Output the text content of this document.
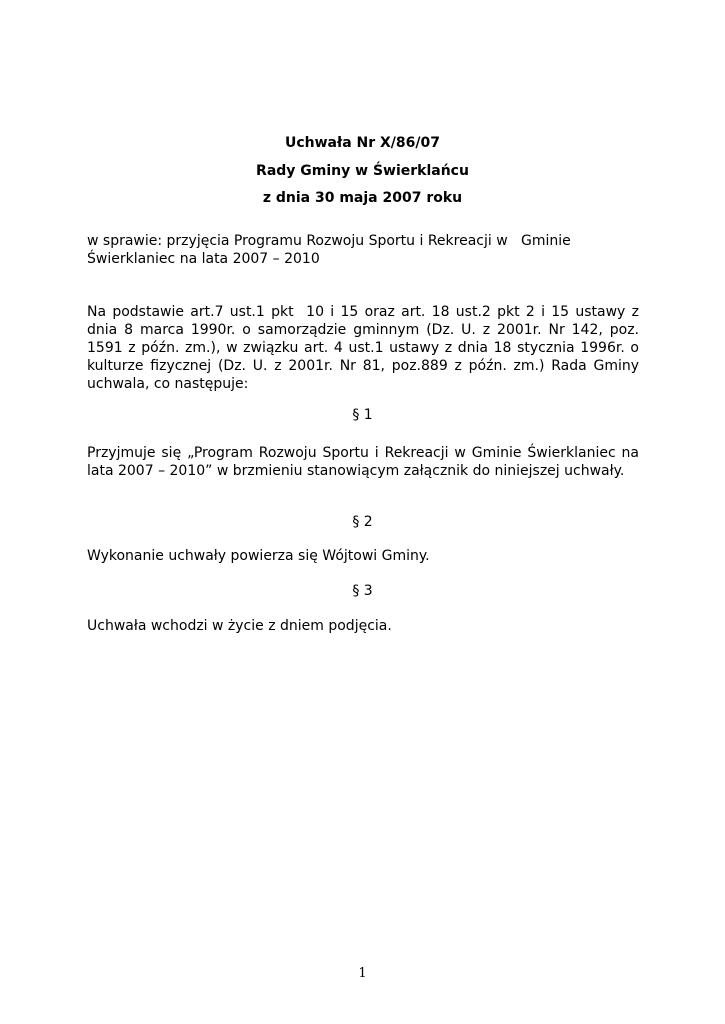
Uchwała Nr X/86/07
Rady Gminy w Świerklańcu
z dnia 30 maja 2007 roku
w sprawie: przyjęcia Programu Rozwoju Sportu i Rekreacji w   Gminie Świerklaniec na lata 2007 – 2010
Na podstawie art.7 ust.1 pkt  10 i 15 oraz art. 18 ust.2 pkt 2 i 15 ustawy z dnia 8 marca 1990r. o samorządzie gminnym (Dz. U. z 2001r. Nr 142, poz. 1591 z późn. zm.), w związku art. 4 ust.1 ustawy z dnia 18 stycznia 1996r. o kulturze fizycznej (Dz. U. z 2001r. Nr 81, poz.889 z późn. zm.) Rada Gminy uchwala, co następuje:
§ 1
Przyjmuje się „Program Rozwoju Sportu i Rekreacji w Gminie Świerklaniec na lata 2007 – 2010” w brzmieniu stanowiącym załącznik do niniejszej uchwały.
§ 2
Wykonanie uchwały powierza się Wójtowi Gminy.
§ 3
Uchwała wchodzi w życie z dniem podjęcia.
1
